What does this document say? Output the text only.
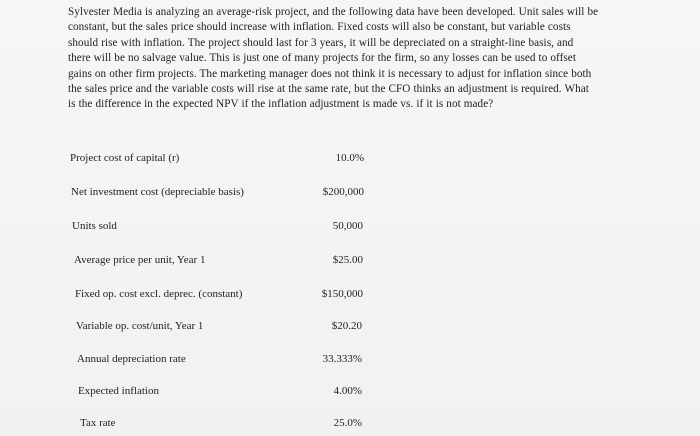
Sylvester Media is analyzing an average-risk project, and the following data have been developed. Unit sales will be
constant, but the sales price should increase with inflation. Fixed costs will also be constant, but variable costs
should rise with inflation. The project should last for 3 years, it will be depreciated on a straight-line basis, and
there will be no salvage value. This is just one of many projects for the firm, so any losses can be used to offset
gains on other firm projects. The marketing manager does not think it is necessary to adjust for inflation since both
the sales price and the variable costs will rise at the same rate, but the CFO thinks an adjustment is required. What
is the difference in the expected NPV if the inflation adjustment is made vs. if it is not made?
Project cost of capital (r)	10.0%
Net investment cost (depreciable basis)	$200,000
Units sold	50,000
Average price per unit, Year 1	$25.00
Fixed op. cost excl. deprec. (constant)	$150,000
Variable op. cost/unit, Year 1	$20.20
Annual depreciation rate	33.333%
Expected inflation	4.00%
Tax rate	25.0%
